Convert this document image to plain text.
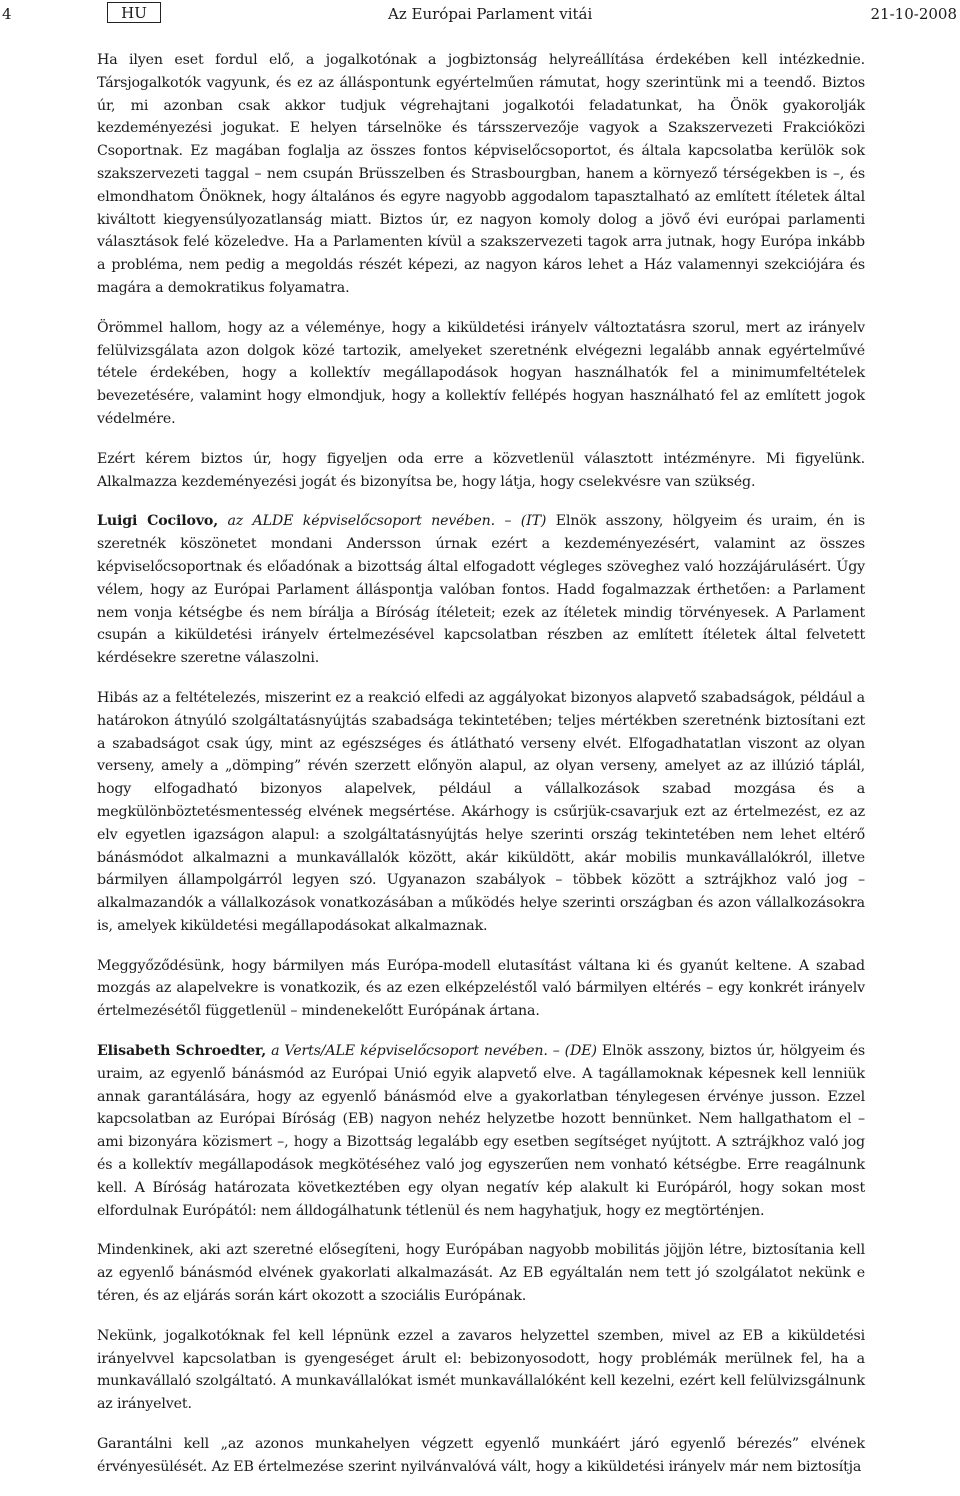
4	HU	Az Európai Parlament vitái	21-10-2008

Ha ilyen eset fordul elő, a jogalkotónak a jogbiztonság helyreállítása érdekében kell intézkednie. Társjogalkotók vagyunk, és ez az álláspontunk egyértelműen rámutat, hogy szerintünk mi a teendő. Biztos úr, mi azonban csak akkor tudjuk végrehajtani jogalkotói feladatunkat, ha Önök gyakorolják kezdeményezési jogukat. E helyen társelnöke és társszervezője vagyok a Szakszervezeti Frakcióközi Csoportnak. Ez magában foglalja az összes fontos képviselőcsoportot, és általa kapcsolatba kerülök sok szakszervezeti taggal – nem csupán Brüsszelben és Strasbourgban, hanem a környező térségekben is –, és elmondhatom Önöknek, hogy általános és egyre nagyobb aggodalom tapasztalható az említett ítéletek által kiváltott kiegyensúlyozatlanság miatt. Biztos úr, ez nagyon komoly dolog a jövő évi európai parlamenti választások felé közeledve. Ha a Parlamenten kívül a szakszervezeti tagok arra jutnak, hogy Európa inkább a probléma, nem pedig a megoldás részét képezi, az nagyon káros lehet a Ház valamennyi szekciójára és magára a demokratikus folyamatra.

Örömmel hallom, hogy az a véleménye, hogy a kiküldetési irányelv változtatásra szorul, mert az irányelv felülvizsgálata azon dolgok közé tartozik, amelyeket szeretnénk elvégezni legalább annak egyértelművé tétele érdekében, hogy a kollektív megállapodások hogyan használhatók fel a minimumfeltételek bevezetésére, valamint hogy elmondjuk, hogy a kollektív fellépés hogyan használható fel az említett jogok védelmére.

Ezért kérem biztos úr, hogy figyeljen oda erre a közvetlenül választott intézményre. Mi figyelünk. Alkalmazza kezdeményezési jogát és bizonyítsa be, hogy látja, hogy cselekvésre van szükség.

Luigi Cocilovo, az ALDE képviselőcsoport nevében. – (IT) Elnök asszony, hölgyeim és uraim, én is szeretnék köszönetet mondani Andersson úrnak ezért a kezdeményezésért, valamint az összes képviselőcsoportnak és előadónak a bizottság által elfogadott végleges szöveghez való hozzájárulásért. Úgy vélem, hogy az Európai Parlament álláspontja valóban fontos. Hadd fogalmazzak érthetően: a Parlament nem vonja kétségbe és nem bírálja a Bíróság ítéleteit; ezek az ítéletek mindig törvényesek. A Parlament csupán a kiküldetési irányelv értelmezésével kapcsolatban részben az említett ítéletek által felvetett kérdésekre szeretne válaszolni.

Hibás az a feltételezés, miszerint ez a reakció elfedi az aggályokat bizonyos alapvető szabadságok, például a határokon átnyúló szolgáltatásnyújtás szabadsága tekintetében; teljes mértékben szeretnénk biztosítani ezt a szabadságot csak úgy, mint az egészséges és átlátható verseny elvét. Elfogadhatatlan viszont az olyan verseny, amely a „dömping” révén szerzett előnyön alapul, az olyan verseny, amelyet az az illúzió táplál, hogy elfogadható bizonyos alapelvek, például a vállalkozások szabad mozgása és a megkülönböztetésmentesség elvének megsértése. Akárhogy is csűrjük-csavarjuk ezt az értelmezést, ez az elv egyetlen igazságon alapul: a szolgáltatásnyújtás helye szerinti ország tekintetében nem lehet eltérő bánásmódot alkalmazni a munkavállalók között, akár kiküldött, akár mobilis munkavállalókról, illetve bármilyen állampolgárról legyen szó. Ugyanazon szabályok – többek között a sztrájkhoz való jog – alkalmazandók a vállalkozások vonatkozásában a működés helye szerinti országban és azon vállalkozásokra is, amelyek kiküldetési megállapodásokat alkalmaznak.

Meggyőződésünk, hogy bármilyen más Európa-modell elutasítást váltana ki és gyanút keltene. A szabad mozgás az alapelvekre is vonatkozik, és az ezen elképzeléstől való bármilyen eltérés – egy konkrét irányelv értelmezésétől függetlenül – mindenekelőtt Európának ártana.

Elisabeth Schroedter, a Verts/ALE képviselőcsoport nevében. – (DE) Elnök asszony, biztos úr, hölgyeim és uraim, az egyenlő bánásmód az Európai Unió egyik alapvető elve. A tagállamoknak képesnek kell lenniük annak garantálására, hogy az egyenlő bánásmód elve a gyakorlatban ténylegesen érvénye jusson. Ezzel kapcsolatban az Európai Bíróság (EB) nagyon nehéz helyzetbe hozott bennünket. Nem hallgathatom el – ami bizonyára közismert –, hogy a Bizottság legalább egy esetben segítséget nyújtott. A sztrájkhoz való jog és a kollektív megállapodások megkötéséhez való jog egyszerűen nem vonható kétségbe. Erre reagálnunk kell. A Bíróság határozata következtében egy olyan negatív kép alakult ki Európáról, hogy sokan most elfordulnak Európától: nem álldogálhatunk tétlenül és nem hagyhatjuk, hogy ez megtörténjen.

Mindenkinek, aki azt szeretné elősegíteni, hogy Európában nagyobb mobilitás jöjjön létre, biztosítania kell az egyenlő bánásmód elvének gyakorlati alkalmazását. Az EB egyáltalán nem tett jó szolgálatot nekünk e téren, és az eljárás során kárt okozott a szociális Európának.

Nekünk, jogalkotóknak fel kell lépnünk ezzel a zavaros helyzettel szemben, mivel az EB a kiküldetési irányelvvel kapcsolatban is gyengeséget árult el: bebizonyosodott, hogy problémák merülnek fel, ha a munkavállaló szolgáltató. A munkavállalókat ismét munkavállalóként kell kezelni, ezért kell felülvizsgálnunk az irányelvet.

Garantálni kell „az azonos munkahelyen végzett egyenlő munkáért járó egyenlő bérezés” elvének érvényesülését. Az EB értelmezése szerint nyilvánvalóvá vált, hogy a kiküldetési irányelv már nem biztosítja
